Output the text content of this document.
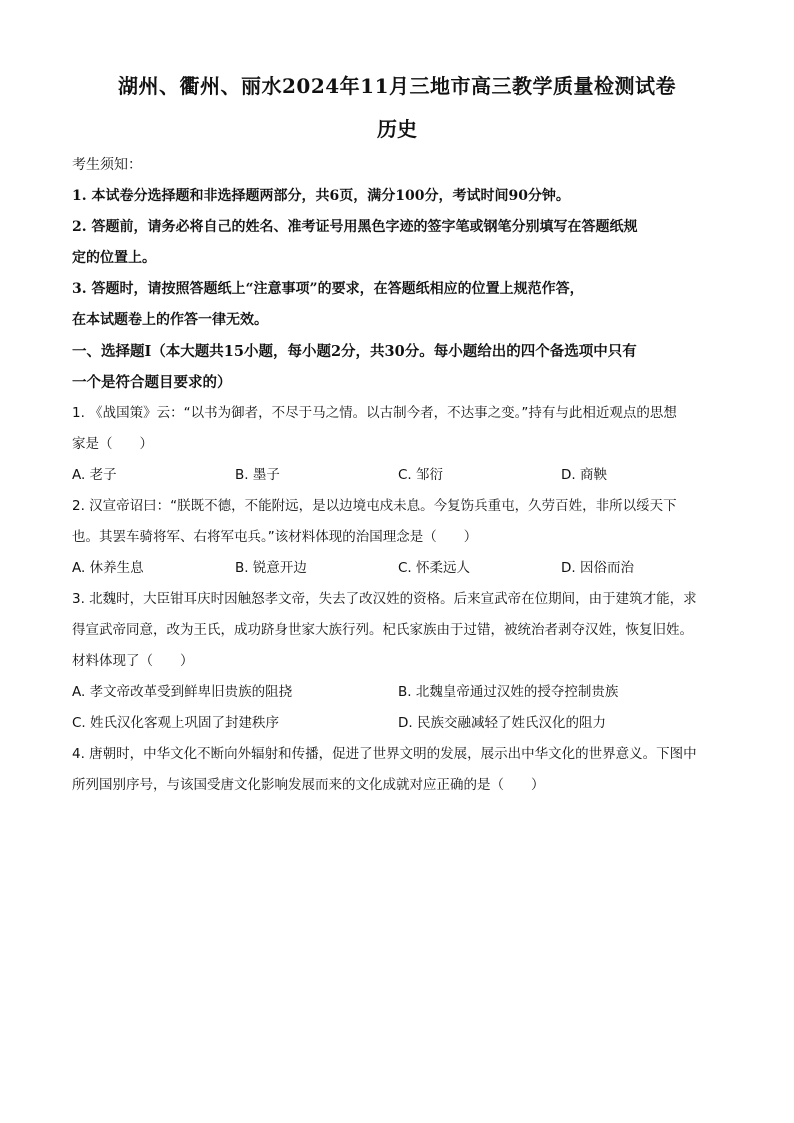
湖州、衢州、丽水2024年11月三地市高三教学质量检测试卷
历史
考生须知：
1. 本试卷分选择题和非选择题两部分，共6页，满分100分，考试时间90分钟。
2. 答题前，请务必将自己的姓名、准考证号用黑色字迹的签字笔或钢笔分别填写在答题纸规
定的位置上。
3. 答题时，请按照答题纸上“注意事项”的要求，在答题纸相应的位置上规范作答，
在本试题卷上的作答一律无效。
一、选择题Ⅰ（本大题共15小题，每小题2分，共30分。每小题给出的四个备选项中只有
一个是符合题目要求的）

1. 《战国策》云：“以书为御者，不尽于马之情。以古制今者，不达事之变。”持有与此相近观点的思想

家是（　　）

A. 老子	B. 墨子	C. 邹衍	D. 商鞅

2. 汉宣帝诏曰：“朕既不德，不能附远，是以边境屯戍未息。今复饬兵重屯，久劳百姓，非所以绥天下

也。其罢车骑将军、右将军屯兵。”该材料体现的治国理念是（　　）

A. 休养生息	B. 锐意开边	C. 怀柔远人	D. 因俗而治

3. 北魏时，大臣钳耳庆时因触怒孝文帝，失去了改汉姓的资格。后来宣武帝在位期间，由于建筑才能，求

得宣武帝同意，改为王氏，成功跻身世家大族行列。杞氏家族由于过错，被统治者剥夺汉姓，恢复旧姓。

材料体现了（　　）

A. 孝文帝改革受到鲜卑旧贵族的阻挠	B. 北魏皇帝通过汉姓的授夺控制贵族
C. 姓氏汉化客观上巩固了封建秩序	D. 民族交融减轻了姓氏汉化的阻力

4. 唐朝时，中华文化不断向外辐射和传播，促进了世界文明的发展，展示出中华文化的世界意义。下图中

所列国别序号，与该国受唐文化影响发展而来的文化成就对应正确的是（　　）
